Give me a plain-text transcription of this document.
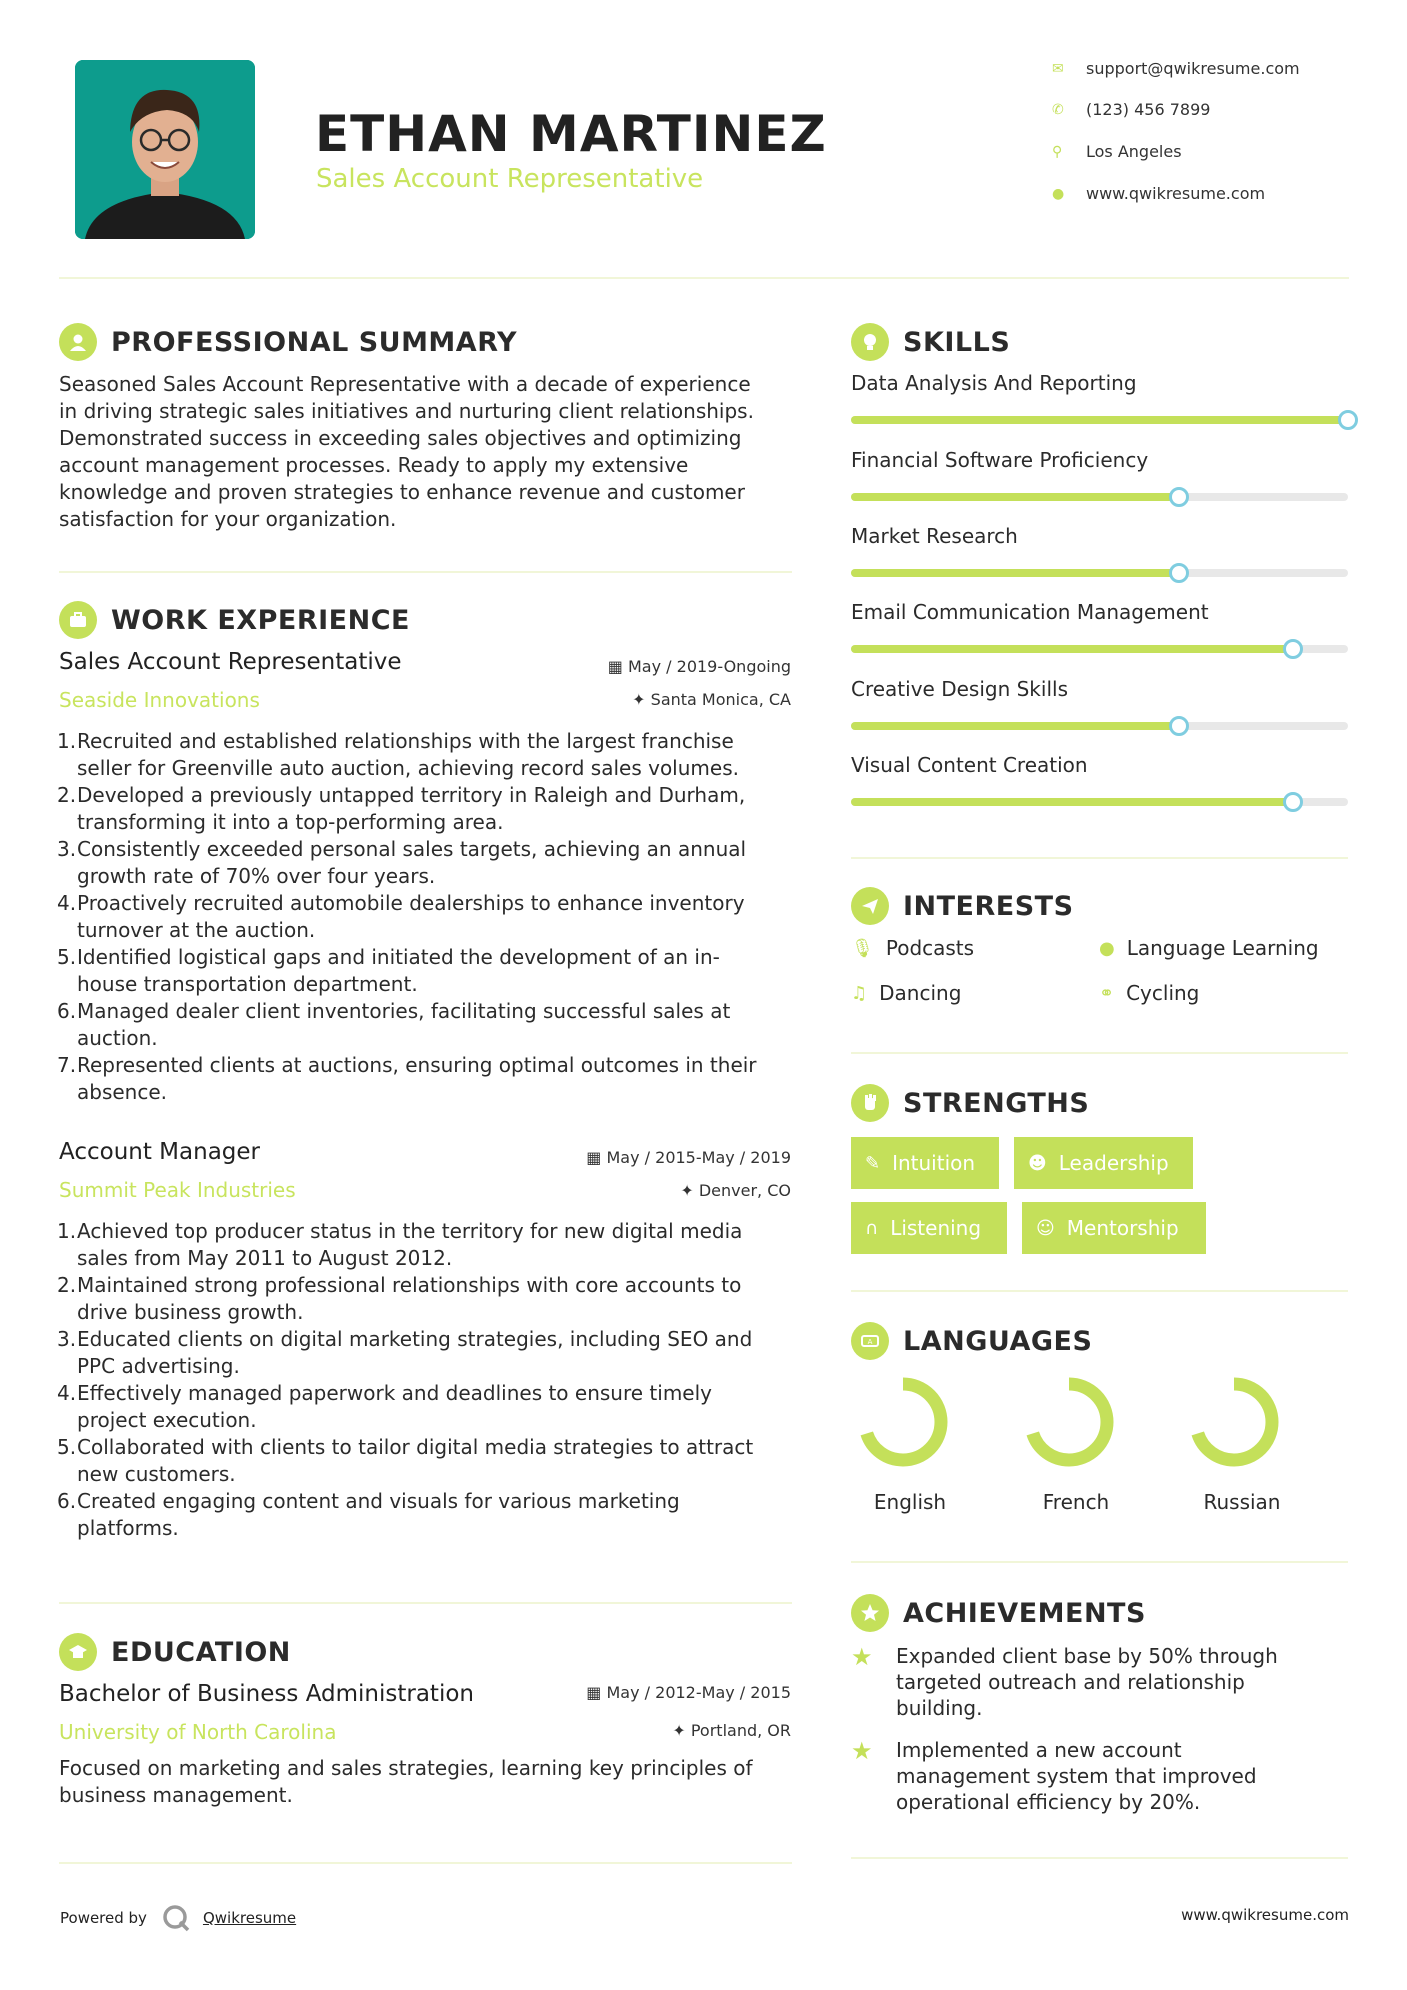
ETHAN MARTINEZ
Sales Account Representative
✉	support@qwikresume.com
✆	(123) 456 7899
⚲	Los Angeles
●	www.qwikresume.com
PROFESSIONAL SUMMARY
Seasoned Sales Account Representative with a decade of experience
in driving strategic sales initiatives and nurturing client relationships.
Demonstrated success in exceeding sales objectives and optimizing
account management processes. Ready to apply my extensive
knowledge and proven strategies to enhance revenue and customer
satisfaction for your organization.
WORK EXPERIENCE
Sales Account Representative	▦ May / 2019-Ongoing
Seaside Innovations	✦ Santa Monica, CA
1. Recruited and established relationships with the largest franchise
seller for Greenville auto auction, achieving record sales volumes.
2. Developed a previously untapped territory in Raleigh and Durham,
transforming it into a top-performing area.
3. Consistently exceeded personal sales targets, achieving an annual
growth rate of 70% over four years.
4. Proactively recruited automobile dealerships to enhance inventory
turnover at the auction.
5. Identified logistical gaps and initiated the development of an in-
house transportation department.
6. Managed dealer client inventories, facilitating successful sales at
auction.
7. Represented clients at auctions, ensuring optimal outcomes in their
absence.
Account Manager	▦ May / 2015-May / 2019
Summit Peak Industries	✦ Denver, CO
1. Achieved top producer status in the territory for new digital media
sales from May 2011 to August 2012.
2. Maintained strong professional relationships with core accounts to
drive business growth.
3. Educated clients on digital marketing strategies, including SEO and
PPC advertising.
4. Effectively managed paperwork and deadlines to ensure timely
project execution.
5. Collaborated with clients to tailor digital media strategies to attract
new customers.
6. Created engaging content and visuals for various marketing
platforms.
EDUCATION
Bachelor of Business Administration	▦ May / 2012-May / 2015
University of North Carolina	✦ Portland, OR
Focused on marketing and sales strategies, learning key principles of
business management.
SKILLS
Data Analysis And Reporting
Financial Software Proficiency
Market Research
Email Communication Management
Creative Design Skills
Visual Content Creation
INTERESTS
🎙 Podcasts	● Language Learning
♫ Dancing	⚭ Cycling
STRENGTHS
✎ Intuition	☻ Leadership
∩ Listening	☺ Mentorship
A LANGUAGES
English	French	Russian
ACHIEVEMENTS
★	Expanded client base by 50% through
targeted outreach and relationship
building.
★	Implemented a new account
management system that improved
operational efficiency by 20%.
Powered by	Qwikresume	www.qwikresume.com
